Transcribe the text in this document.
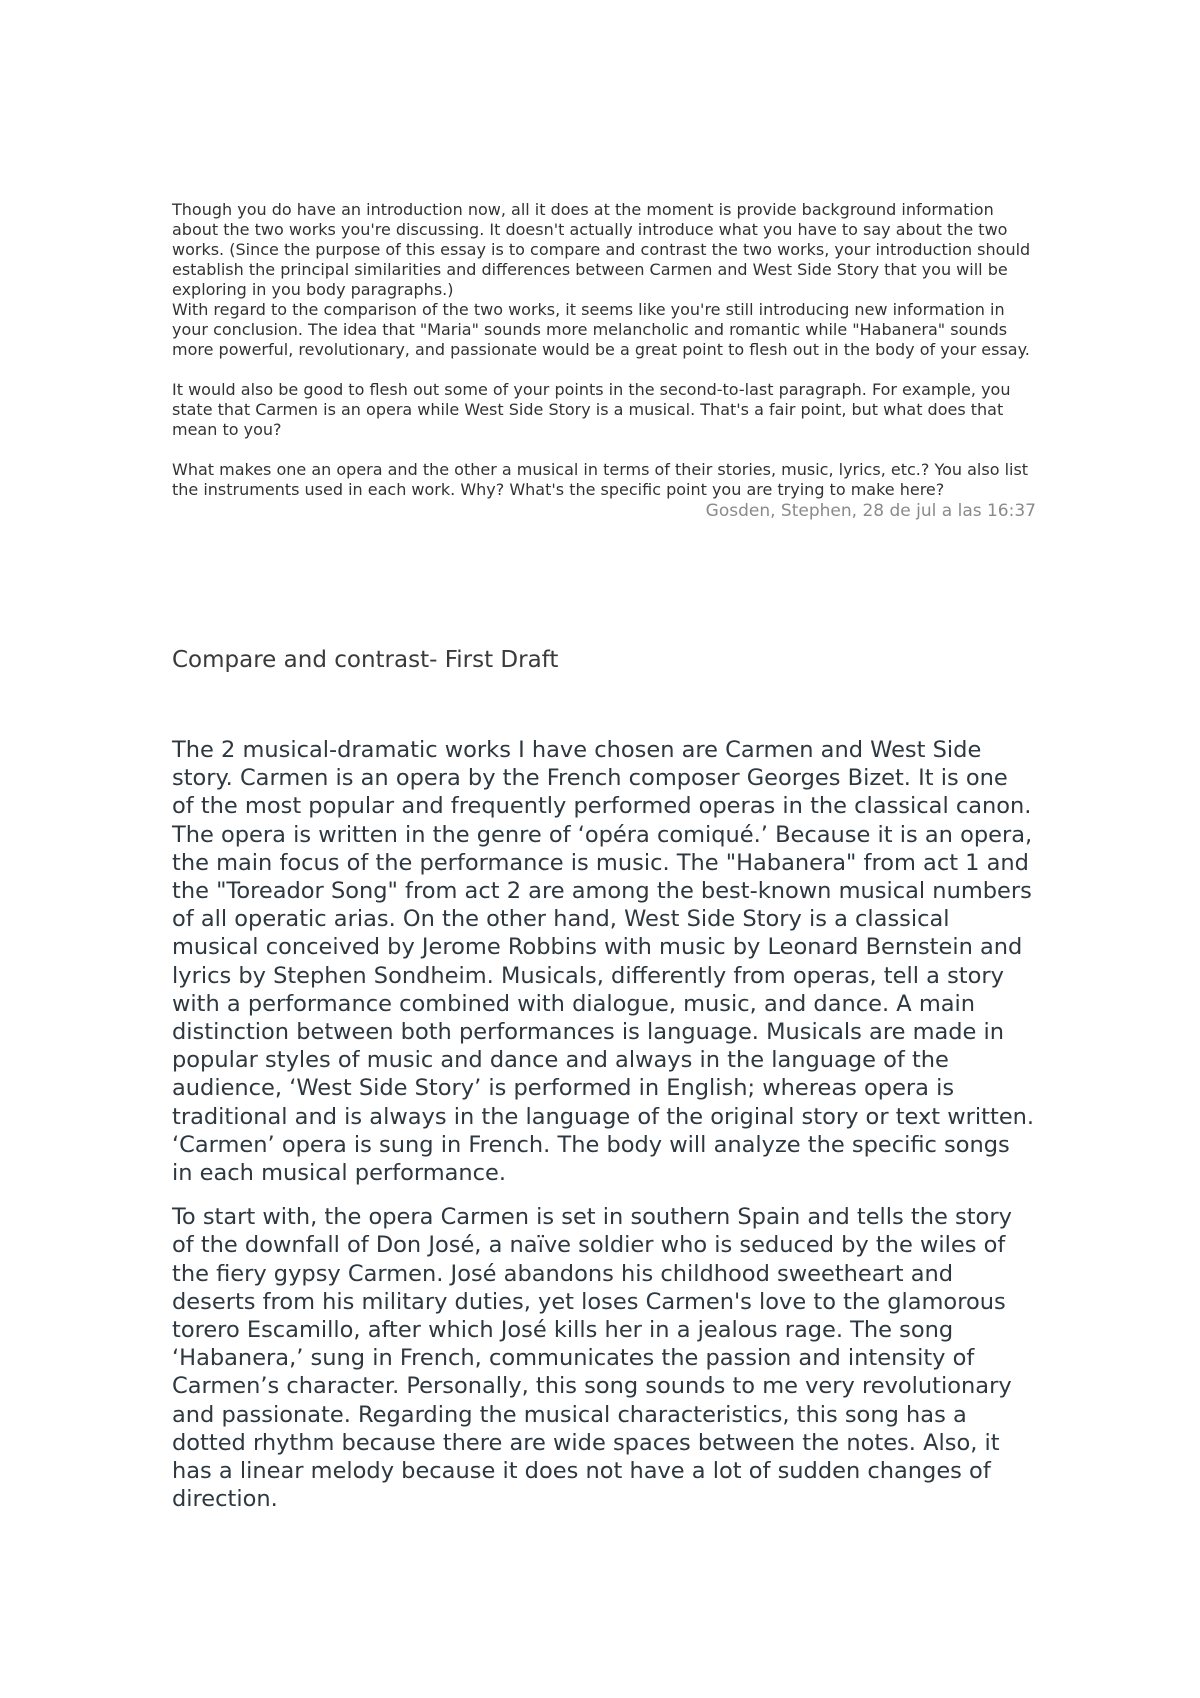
Though you do have an introduction now, all it does at the moment is provide background information about the two works you're discussing. It doesn't actually introduce what you have to say about the two works. (Since the purpose of this essay is to compare and contrast the two works, your introduction should establish the principal similarities and differences between Carmen and West Side Story that you will be exploring in you body paragraphs.)

With regard to the comparison of the two works, it seems like you're still introducing new information in your conclusion. The idea that "Maria" sounds more melancholic and romantic while "Habanera" sounds more powerful, revolutionary, and passionate would be a great point to flesh out in the body of your essay.

It would also be good to flesh out some of your points in the second-to-last paragraph. For example, you state that Carmen is an opera while West Side Story is a musical. That's a fair point, but what does that mean to you?

What makes one an opera and the other a musical in terms of their stories, music, lyrics, etc.? You also list the instruments used in each work. Why? What's the specific point you are trying to make here?

Gosden, Stephen, 28 de jul a las 16:37
Compare and contrast- First Draft

The 2 musical-dramatic works I have chosen are Carmen and West Side story. Carmen is an opera by the French composer Georges Bizet. It is one of the most popular and frequently performed operas in the classical canon. The opera is written in the genre of ‘opéra comiqué.’ Because it is an opera, the main focus of the performance is music. The "Habanera" from act 1 and the "Toreador Song" from act 2 are among the best-known musical numbers of all operatic arias. On the other hand, West Side Story is a classical musical conceived by Jerome Robbins with music by Leonard Bernstein and lyrics by Stephen Sondheim. Musicals, differently from operas, tell a story with a performance combined with dialogue, music, and dance. A main distinction between both performances is language. Musicals are made in popular styles of music and dance and always in the language of the audience, ‘West Side Story’ is performed in English; whereas opera is traditional and is always in the language of the original story or text written. ‘Carmen’ opera is sung in French. The body will analyze the specific songs in each musical performance.

To start with, the opera Carmen is set in southern Spain and tells the story of the downfall of Don José, a naïve soldier who is seduced by the wiles of the fiery gypsy Carmen. José abandons his childhood sweetheart and deserts from his military duties, yet loses Carmen's love to the glamorous torero Escamillo, after which José kills her in a jealous rage. The song ‘Habanera,’ sung in French, communicates the passion and intensity of Carmen’s character. Personally, this song sounds to me very revolutionary and passionate. Regarding the musical characteristics, this song has a dotted rhythm because there are wide spaces between the notes. Also, it has a linear melody because it does not have a lot of sudden changes of direction.
